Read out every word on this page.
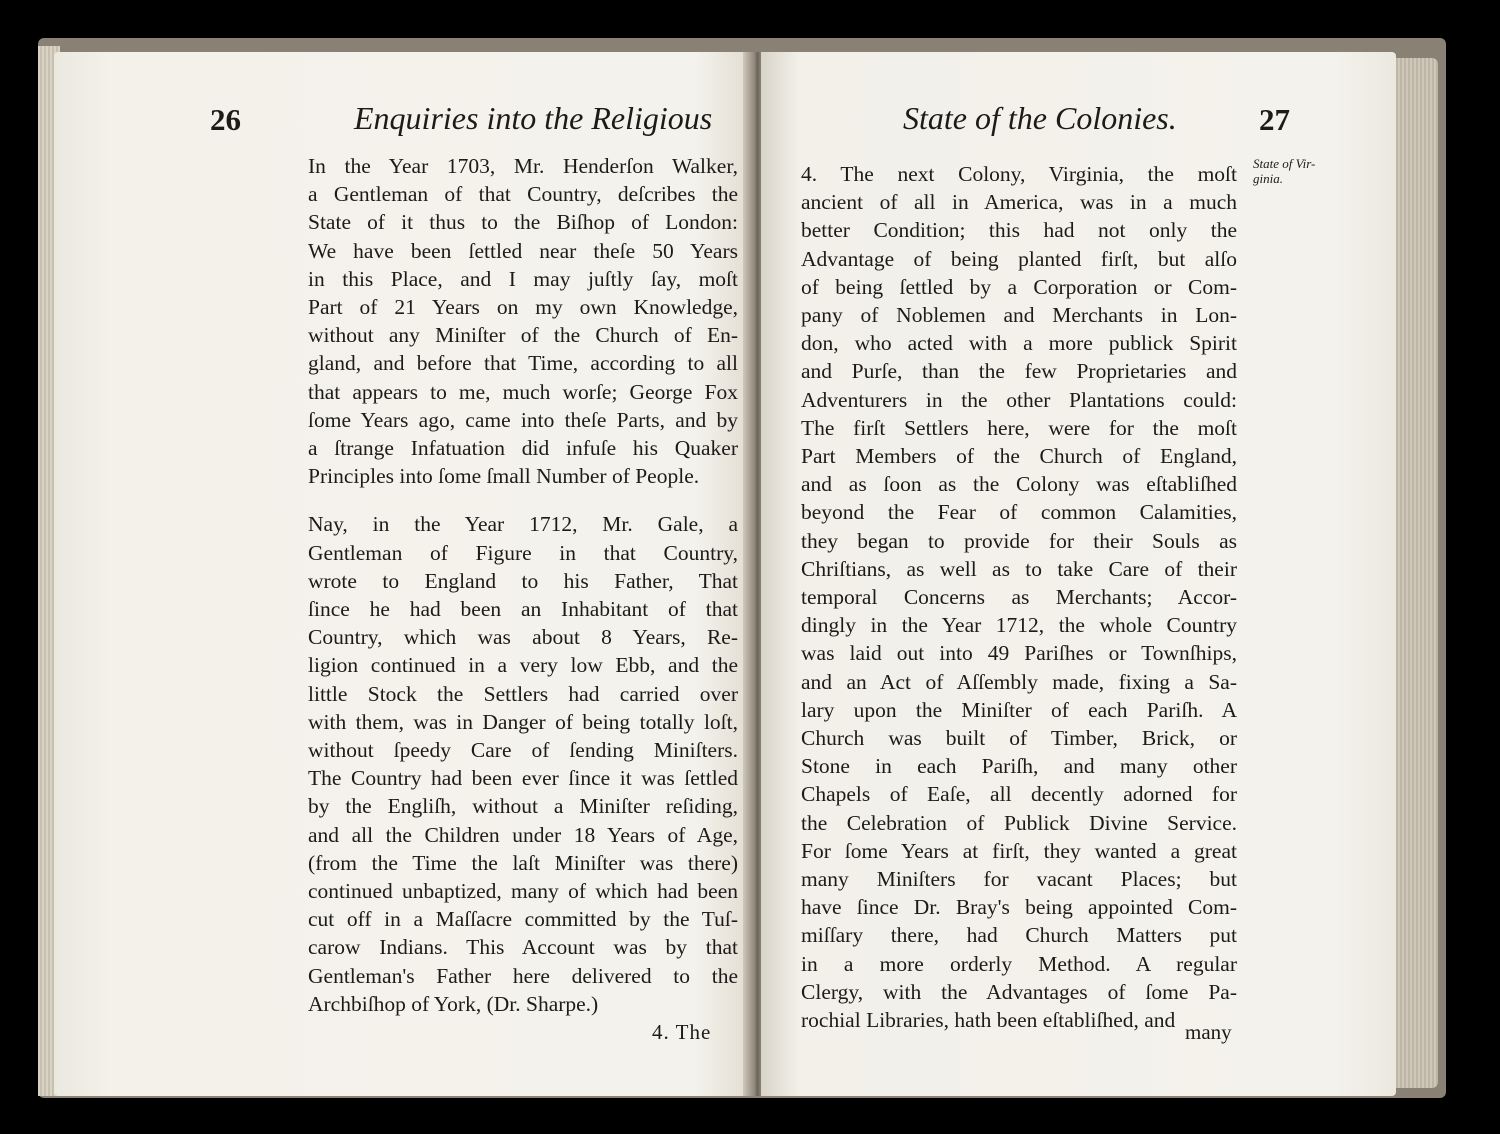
26	Enquiries into the Religious
In the Year 1703, Mr. Henderſon Walker,
a Gentleman of that Country, deſcribes the
State of it thus to the Biſhop of London:
We have been ſettled near theſe 50 Years
in this Place, and I may juſtly ſay, moſt
Part of 21 Years on my own Knowledge,
without any Miniſter of the Church of En-
gland, and before that Time, according to all
that appears to me, much worſe; George Fox
ſome Years ago, came into theſe Parts, and by
a ſtrange Infatuation did infuſe his Quaker
Principles into ſome ſmall Number of People.
Nay, in the Year 1712, Mr. Gale, a
Gentleman of Figure in that Country,
wrote to England to his Father, That
ſince he had been an Inhabitant of that
Country, which was about 8 Years, Re-
ligion continued in a very low Ebb, and the
little Stock the Settlers had carried over
with them, was in Danger of being totally loſt,
without ſpeedy Care of ſending Miniſters.
The Country had been ever ſince it was ſettled
by the Engliſh, without a Miniſter reſiding,
and all the Children under 18 Years of Age,
(from the Time the laſt Miniſter was there)
continued unbaptized, many of which had been
cut off in a Maſſacre committed by the Tuſ-
carow Indians. This Account was by that
Gentleman's Father here delivered to the
Archbiſhop of York, (Dr. Sharpe.)
4. The
State of the Colonies.	27
State of Vir-ginia.
4. The next Colony, Virginia, the moſt
ancient of all in America, was in a much
better Condition; this had not only the
Advantage of being planted firſt, but alſo
of being ſettled by a Corporation or Com-
pany of Noblemen and Merchants in Lon-
don, who acted with a more publick Spirit
and Purſe, than the few Proprietaries and
Adventurers in the other Plantations could:
The firſt Settlers here, were for the moſt
Part Members of the Church of England,
and as ſoon as the Colony was eſtabliſhed
beyond the Fear of common Calamities,
they began to provide for their Souls as
Chriſtians, as well as to take Care of their
temporal Concerns as Merchants; Accor-
dingly in the Year 1712, the whole Country
was laid out into 49 Pariſhes or Townſhips,
and an Act of Aſſembly made, fixing a Sa-
lary upon the Miniſter of each Pariſh. A
Church was built of Timber, Brick, or
Stone in each Pariſh, and many other
Chapels of Eaſe, all decently adorned for
the Celebration of Publick Divine Service.
For ſome Years at firſt, they wanted a great
many Miniſters for vacant Places; but
have ſince Dr. Bray's being appointed Com-
miſſary there, had Church Matters put
in a more orderly Method. A regular
Clergy, with the Advantages of ſome Pa-
rochial Libraries, hath been eſtabliſhed, and many
